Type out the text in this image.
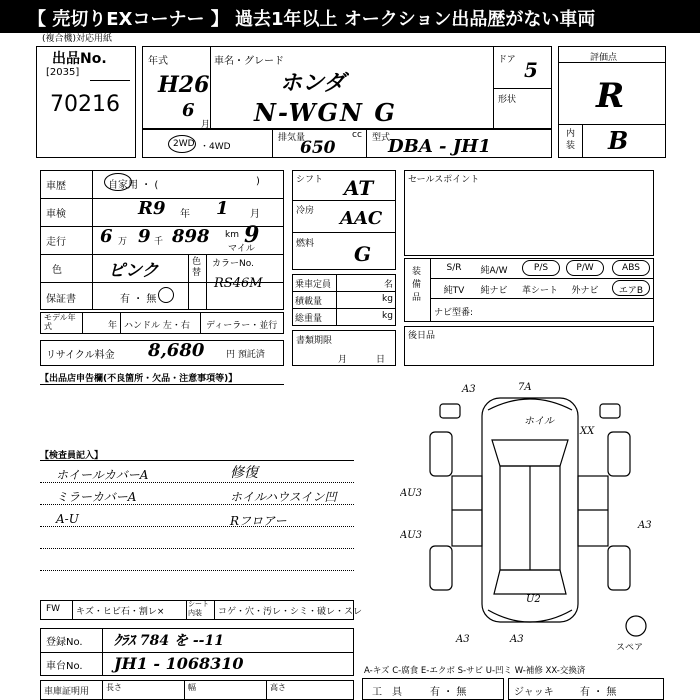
【 売切りEXコーナー 】 過去1年以上 オークション出品歴がない車両
(複合機)対応用紙
出品No.
[2035]
70216
年式
H26
6
月
車名・グレード
ホンダ
N-WGN G
ドア 5
形状
評価点
R
内装 B
2WD ・4WD
排気量	cc
650	型式
DBA - JH1
車歴	自家用 ・ (	)
車検	R9 年 1 月
走行 6 万 9 千 898 km
マイル
9
色	ピンク	色替
カラーNo.
RS46M
保証書	有 ・ 無
モデル年式	年 ハンドル 左・右 ディーラー・並行
リサイクル料金 8,680 円 預託済
シフト AT
冷房 AAC
燃料 G
乗車定員	名
積載量	kg
総重量	kg
書類期限
月	日
セールスポイント
装備品
S/R	純A/W	P/S	P/W	ABS
純TV	純ナビ	革シート	外ナビ	エアB
ナビ型番:
後日品
【出品店申告欄(不良箇所・欠品・注意事項等)】
【検査員記入】
ホイールカバーA
ミラーカバーA
A-U
修復
ホイルハウスイン凹
Rフロアー
A3	7A
XX
AU3
AU3
A3
U2
A3	A3
ホイル
スペア
FW キズ・ヒビ石・割レ×
シート内装	コゲ・穴・汚レ・シミ・破レ・スレ
登録No. ｸﾗｽ 784 を --11
車台No. JH1 - 1068310
車庫証明用 長さ	幅	高さ
A-キズ C-腐食 E-エクボ S-サビ U-凹ミ W-補修 XX-交換済
工　具	有 ・ 無	ジャッキ	有 ・ 無
